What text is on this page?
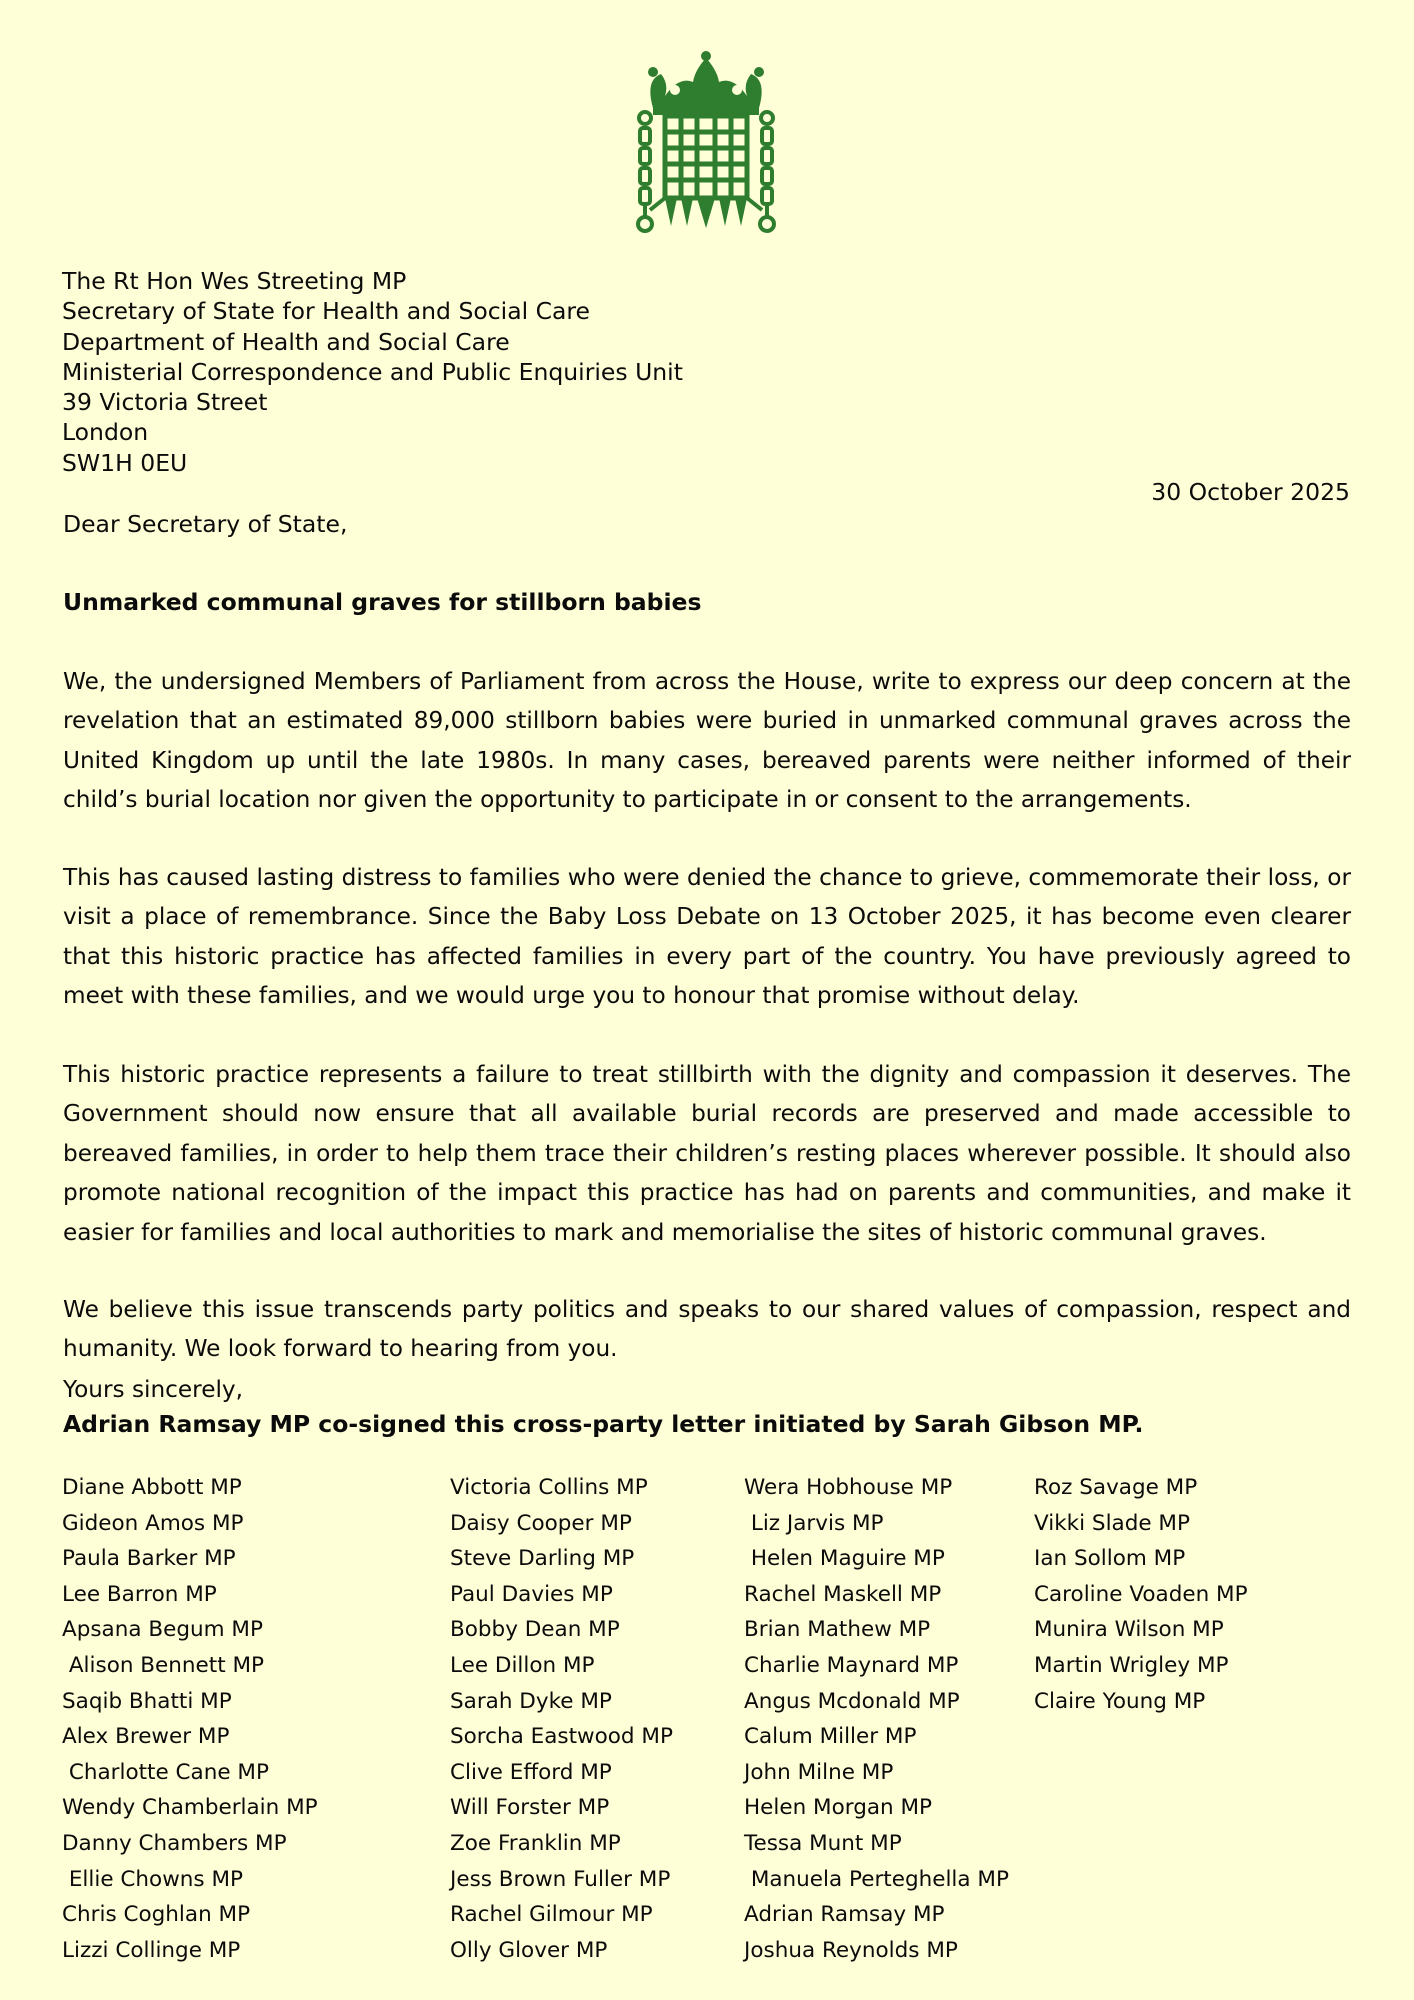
The Rt Hon Wes Streeting MP
Secretary of State for Health and Social Care
Department of Health and Social Care
Ministerial Correspondence and Public Enquiries Unit
39 Victoria Street
London
SW1H 0EU
30 October 2025
Dear Secretary of State,
Unmarked communal graves for stillborn babies

We, the undersigned Members of Parliament from across the House, write to express our deep concern at the revelation that an estimated 89,000 stillborn babies were buried in unmarked communal graves across the United Kingdom up until the late 1980s. In many cases, bereaved parents were neither informed of their child’s burial location nor given the opportunity to participate in or consent to the arrangements.

This has caused lasting distress to families who were denied the chance to grieve, commemorate their loss, or visit a place of remembrance. Since the Baby Loss Debate on 13 October 2025, it has become even clearer that this historic practice has affected families in every part of the country. You have previously agreed to meet with these families, and we would urge you to honour that promise without delay.

This historic practice represents a failure to treat stillbirth with the dignity and compassion it deserves. The Government should now ensure that all available burial records are preserved and made accessible to bereaved families, in order to help them trace their children’s resting places wherever possible. It should also promote national recognition of the impact this practice has had on parents and communities, and make it easier for families and local authorities to mark and memorialise the sites of historic communal graves.

We believe this issue transcends party politics and speaks to our shared values of compassion, respect and humanity. We look forward to hearing from you.

Yours sincerely,
Adrian Ramsay MP co-signed this cross-party letter initiated by Sarah Gibson MP.
Diane Abbott MP
Gideon Amos MP
Paula Barker MP
Lee Barron MP
Apsana Begum MP
Alison Bennett MP
Saqib Bhatti MP
Alex Brewer MP
Charlotte Cane MP
Wendy Chamberlain MP
Danny Chambers MP
Ellie Chowns MP
Chris Coghlan MP
Lizzi Collinge MP
Victoria Collins MP
Daisy Cooper MP
Steve Darling MP
Paul Davies MP
Bobby Dean MP
Lee Dillon MP
Sarah Dyke MP
Sorcha Eastwood MP
Clive Efford MP
Will Forster MP
Zoe Franklin MP
Jess Brown Fuller MP
Rachel Gilmour MP
Olly Glover MP
Wera Hobhouse MP
Liz Jarvis MP
Helen Maguire MP
Rachel Maskell MP
Brian Mathew MP
Charlie Maynard MP
Angus Mcdonald MP
Calum Miller MP
John Milne MP
Helen Morgan MP
Tessa Munt MP
Manuela Perteghella MP
Adrian Ramsay MP
Joshua Reynolds MP
Roz Savage MP
Vikki Slade MP
Ian Sollom MP
Caroline Voaden MP
Munira Wilson MP
Martin Wrigley MP
Claire Young MP
